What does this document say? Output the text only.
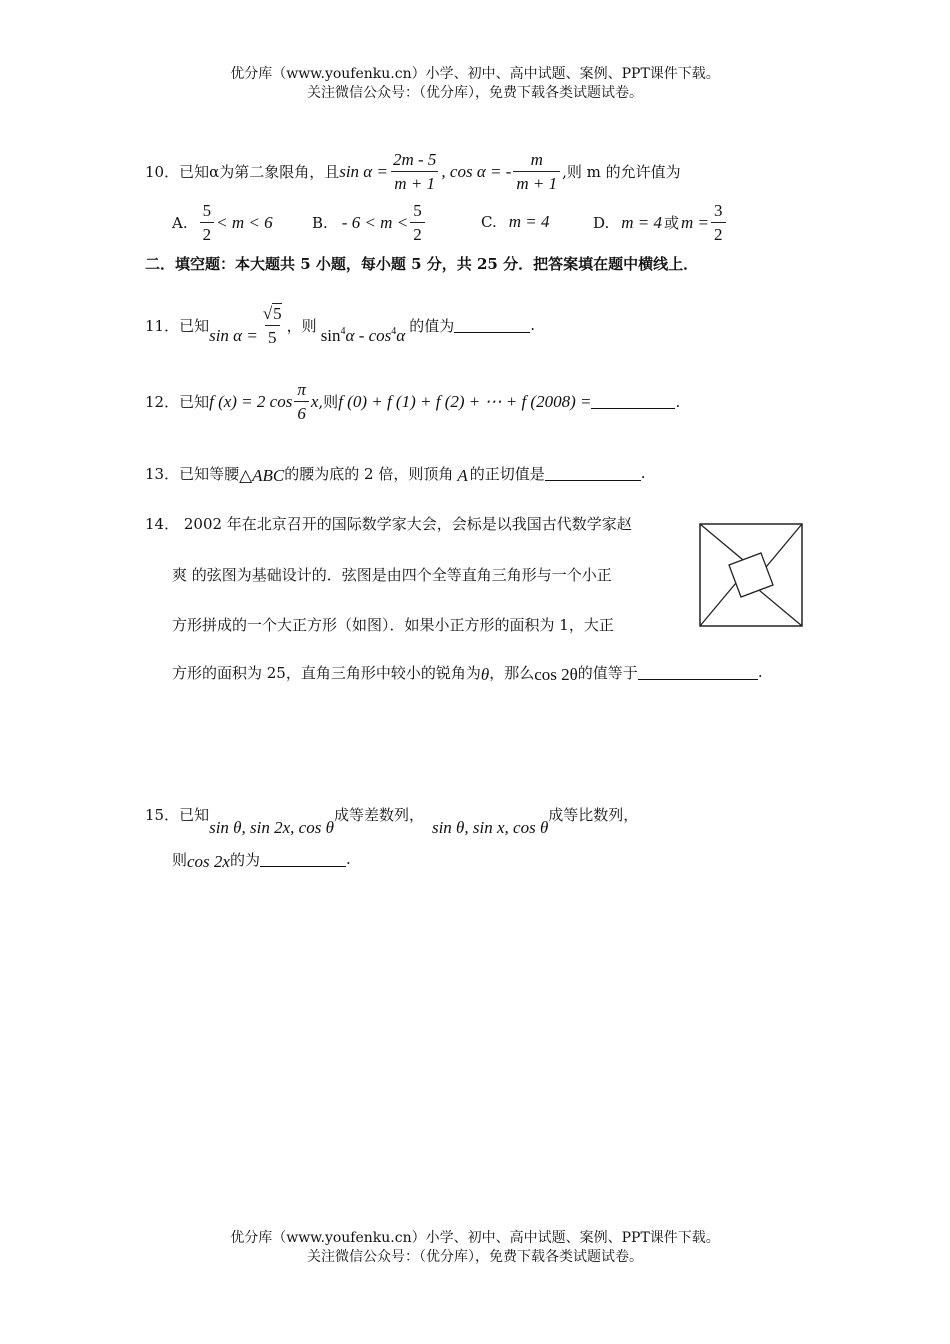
优分库（www.youfenku.cn）小学、初中、高中试题、案例、PPT课件下载。
关注微信公众号：（优分库），免费下载各类试题试卷。
10．已知α为第二象限角，且 $\sin \alpha = \frac{2m - 5}{m + 1}$ , cos α = - $\frac{m}{m + 1}$ ,则 m 的允许值为
A. $\frac{5}{2} < m < 6$	B. - $6 < m < \frac{5}{2}$	C. m = 4	D. m = 4 或 $m = \frac{3}{2}$
二．填空题：本大题共 5 小题，每小题 5 分，共 25 分．把答案填在题中横线上．
11．已知
$\sin \alpha = \frac{√5}{5}$ ，则
$\sin^4\alpha - \cos^4\alpha$
的值为	.
12．已知 f (x) = 2 $\cos \frac{\pi}{6}$ x ,则 f (0) + f (1) + f (2) + ⋯ + f (2008) =	.
13．已知等腰 △ABC 的腰为底的 2 倍，则顶角 A 的正切值是	.
14． 2002 年在北京召开的国际数学家大会，会标是以我国古代数学家赵
爽 的弦图为基础设计的．弦图是由四个全等直角三角形与一个小正
方形拼成的一个大正方形（如图）．如果小正方形的面积为 1，大正
方形的面积为 25，直角三角形中较小的锐角为 θ ，那么 cos 2θ 的值等于	.
15．已知
sin θ, sin 2x, cos θ
成等差数列，
sin θ, sin x, cos θ
成等比数列，
则 cos 2x 的为	.
优分库（www.youfenku.cn）小学、初中、高中试题、案例、PPT课件下载。
关注微信公众号：（优分库），免费下载各类试题试卷。
